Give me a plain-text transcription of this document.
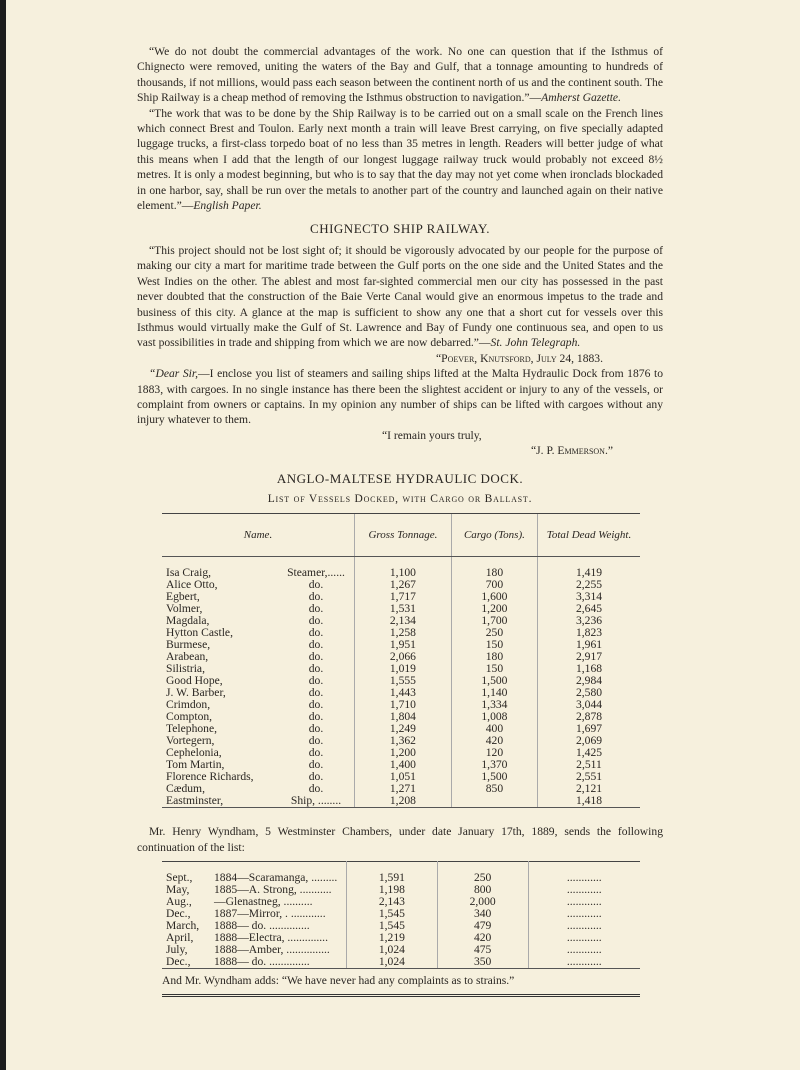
“We do not doubt the commercial advantages of the work. No one can question that if the Isthmus of Chignecto were removed, uniting the waters of the Bay and Gulf, that a tonnage amounting to hundreds of thousands, if not millions, would pass each season between the continent north of us and the continent south. The Ship Railway is a cheap method of removing the Isthmus obstruction to navigation.”—Amherst Gazette.

“The work that was to be done by the Ship Railway is to be carried out on a small scale on the French lines which connect Brest and Toulon. Early next month a train will leave Brest carrying, on five specially adapted luggage trucks, a first-class torpedo boat of no less than 35 metres in length. Readers will better judge of what this means when I add that the length of our longest luggage railway truck would probably not exceed 8½ metres. It is only a modest beginning, but who is to say that the day may not yet come when ironclads blockaded in one harbor, say, shall be run over the metals to another part of the country and launched again on their native element.”—English Paper.

CHIGNECTO SHIP RAILWAY.

“This project should not be lost sight of; it should be vigorously advocated by our people for the purpose of making our city a mart for maritime trade between the Gulf ports on the one side and the United States and the West Indies on the other. The ablest and most far-sighted commercial men our city has possessed in the past never doubted that the construction of the Baie Verte Canal would give an enormous impetus to the trade and business of this city. A glance at the map is sufficient to show any one that a short cut for vessels over this Isthmus would virtually make the Gulf of St. Lawrence and Bay of Fundy one continuous sea, and open to us vast possibilities in trade and shipping from which we are now debarred.”—St. John Telegraph.

“Poever, Knutsford, July 24, 1883.

“Dear Sir,—I enclose you list of steamers and sailing ships lifted at the Malta Hydraulic Dock from 1876 to 1883, with cargoes. In no single instance has there been the slightest accident or injury to any of the vessels, or complaint from owners or captains. In my opinion any number of ships can be lifted with cargoes without any injury whatever to them.

“I remain yours truly,
“J. P. Emmerson.”
ANGLO-MALTESE HYDRAULIC DOCK.
List of Vessels Docked, with Cargo or Ballast.
Name.		Gross Tonnage.	Cargo (Tons).	Total Dead Weight.
Isa Craig,	Steamer,......	1,100	180	1,419
Alice Otto,	do.	1,267	700	2,255
Egbert,	do.	1,717	1,600	3,314
Volmer,	do.	1,531	1,200	2,645
Magdala,	do.	2,134	1,700	3,236
Hytton Castle,	do.	1,258	250	1,823
Burmese,	do.	1,951	150	1,961
Arabean,	do.	2,066	180	2,917
Silistria,	do.	1,019	150	1,168
Good Hope,	do.	1,555	1,500	2,984
J. W. Barber,	do.	1,443	1,140	2,580
Crimdon,	do.	1,710	1,334	3,044
Compton,	do.	1,804	1,008	2,878
Telephone,	do.	1,249	400	1,697
Vortegern,	do.	1,362	420	2,069
Cephelonia,	do.	1,200	120	1,425
Tom Martin,	do.	1,400	1,370	2,511
Florence Richards,	do.	1,051	1,500	2,551
Cædum,	do.	1,271	850	2,121
Eastminster,	Ship, ........	1,208		1,418

Mr. Henry Wyndham, 5 Westminster Chambers, under date January 17th, 1889, sends the following continuation of the list:

Sept.,	1884—Scaramanga, .........	1,591	250	............
May,	1885—A. Strong, ...........	1,198	800	............
Aug.,	—Glenastneg, ..........	2,143	2,000	............
Dec.,	1887—Mirror, . ............	1,545	340	............
March,	1888— do. ..............	1,545	479	............
April,	1888—Electra, ..............	1,219	420	............
July,	1888—Amber, ...............	1,024	475	............
Dec.,	1888— do. ..............	1,024	350	............
And Mr. Wyndham adds: “We have never had any complaints as to strains.”
